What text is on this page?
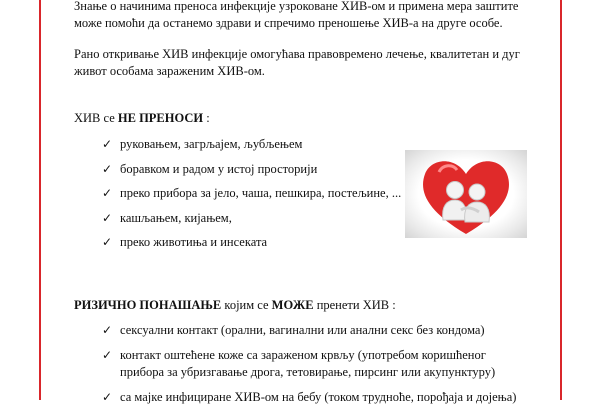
Знање о начинима преноса инфекције узроковане ХИВ-ом и примена мера заштите може помоћи да останемо здрави и спречимо преношење ХИВ-а на друге особе.

Рано откривање ХИВ инфекције омогућава правовремено лечење, квалитетан и дуг живот особама зараженим ХИВ-ом.

ХИВ се НЕ ПРЕНОСИ :

✓ руковањем, загрљајем, љубљењем
✓ боравком и радом у истој просторији
✓ преко прибора за јело, чаша, пешкира, постељине, ...
✓ кашљањем, кијањем,
✓ преко животиња и инсеката

РИЗИЧНО ПОНАШАЊЕ којим се МОЖЕ пренети ХИВ :

✓ сексуални контакт (орални, вагинални или анални секс без кондома)
✓ контакт оштећене коже са зараженом крвљу (употребом коришћеног прибора за убризгавање дрога, тетовирање, пирсинг или акупунктуру)
✓ са мајке инфициране ХИВ-ом на бебу (током трудноће, порођаја и дојења)
